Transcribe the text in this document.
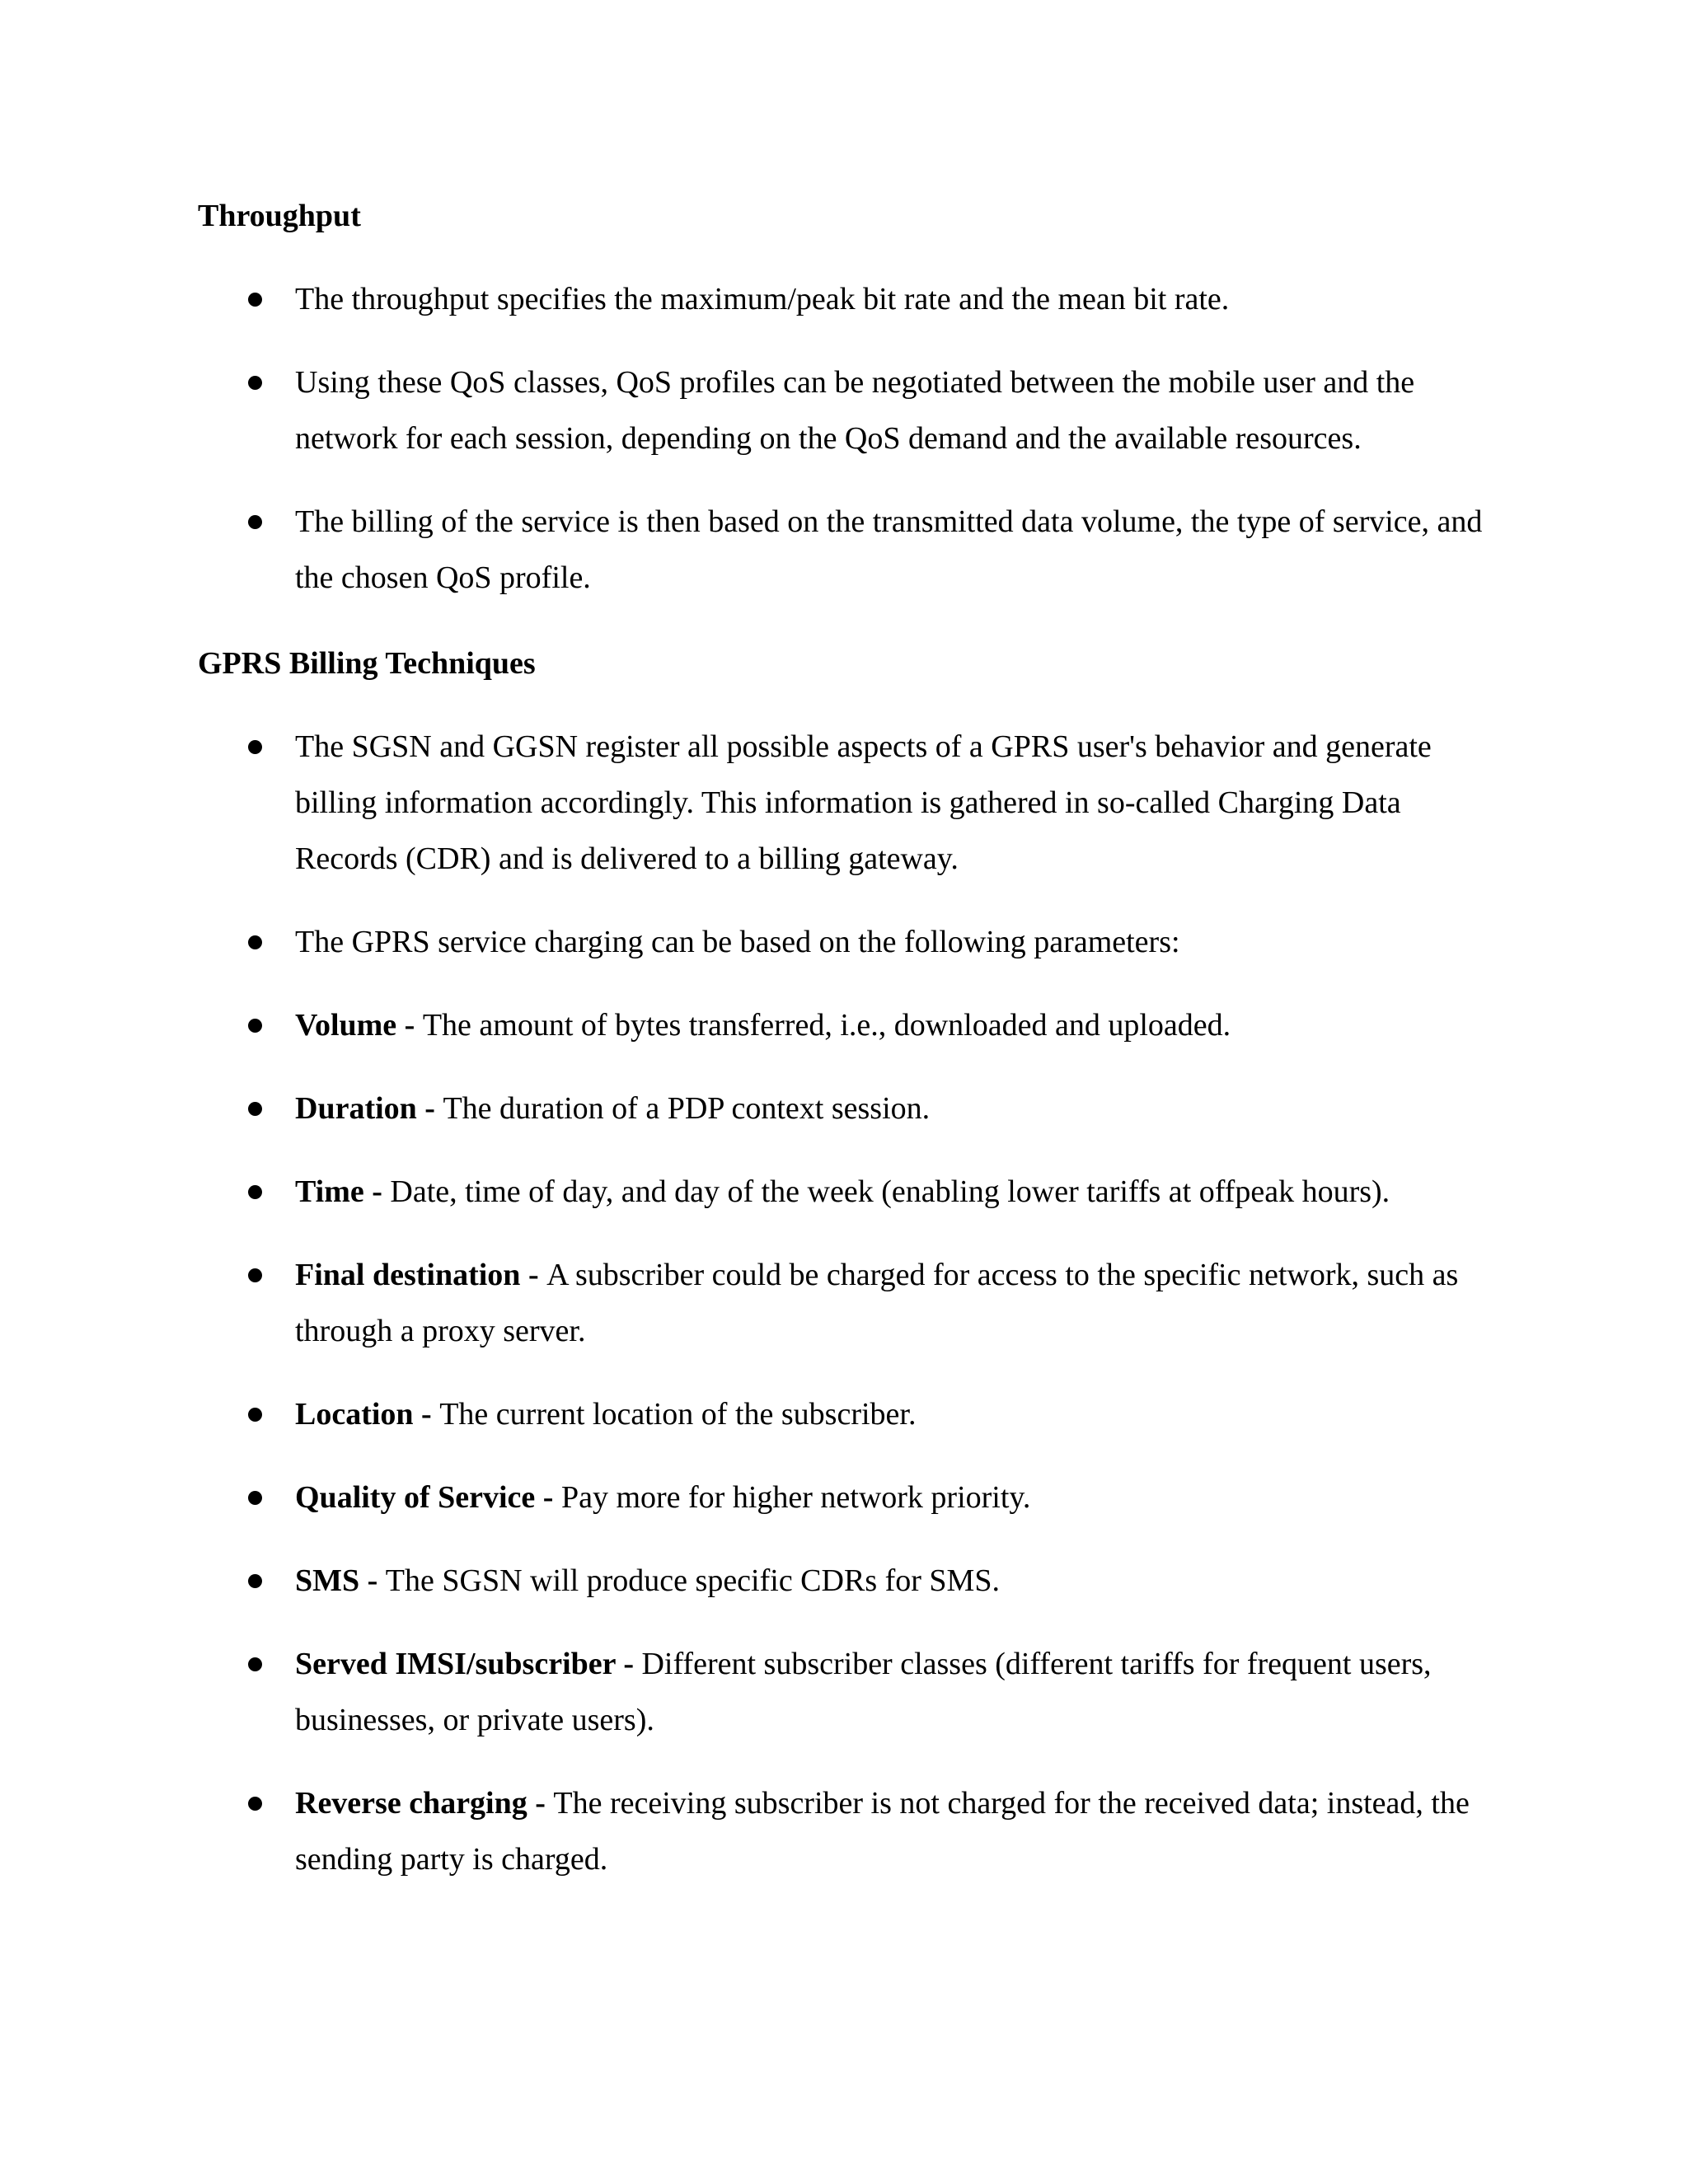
Throughput
The throughput specifies the maximum/peak bit rate and the mean bit rate.
Using these QoS classes, QoS profiles can be negotiated between the mobile user and the network for each session, depending on the QoS demand and the available resources.
The billing of the service is then based on the transmitted data volume, the type of service, and the chosen QoS profile.
GPRS Billing Techniques
The SGSN and GGSN register all possible aspects of a GPRS user's behavior and generate billing information accordingly. This information is gathered in so-called Charging Data Records (CDR) and is delivered to a billing gateway.
The GPRS service charging can be based on the following parameters:
Volume - The amount of bytes transferred, i.e., downloaded and uploaded.
Duration - The duration of a PDP context session.
Time - Date, time of day, and day of the week (enabling lower tariffs at offpeak hours).
Final destination - A subscriber could be charged for access to the specific network, such as through a proxy server.
Location - The current location of the subscriber.
Quality of Service - Pay more for higher network priority.
SMS - The SGSN will produce specific CDRs for SMS.
Served IMSI/subscriber - Different subscriber classes (different tariffs for frequent users, businesses, or private users).
Reverse charging - The receiving subscriber is not charged for the received data; instead, the sending party is charged.
